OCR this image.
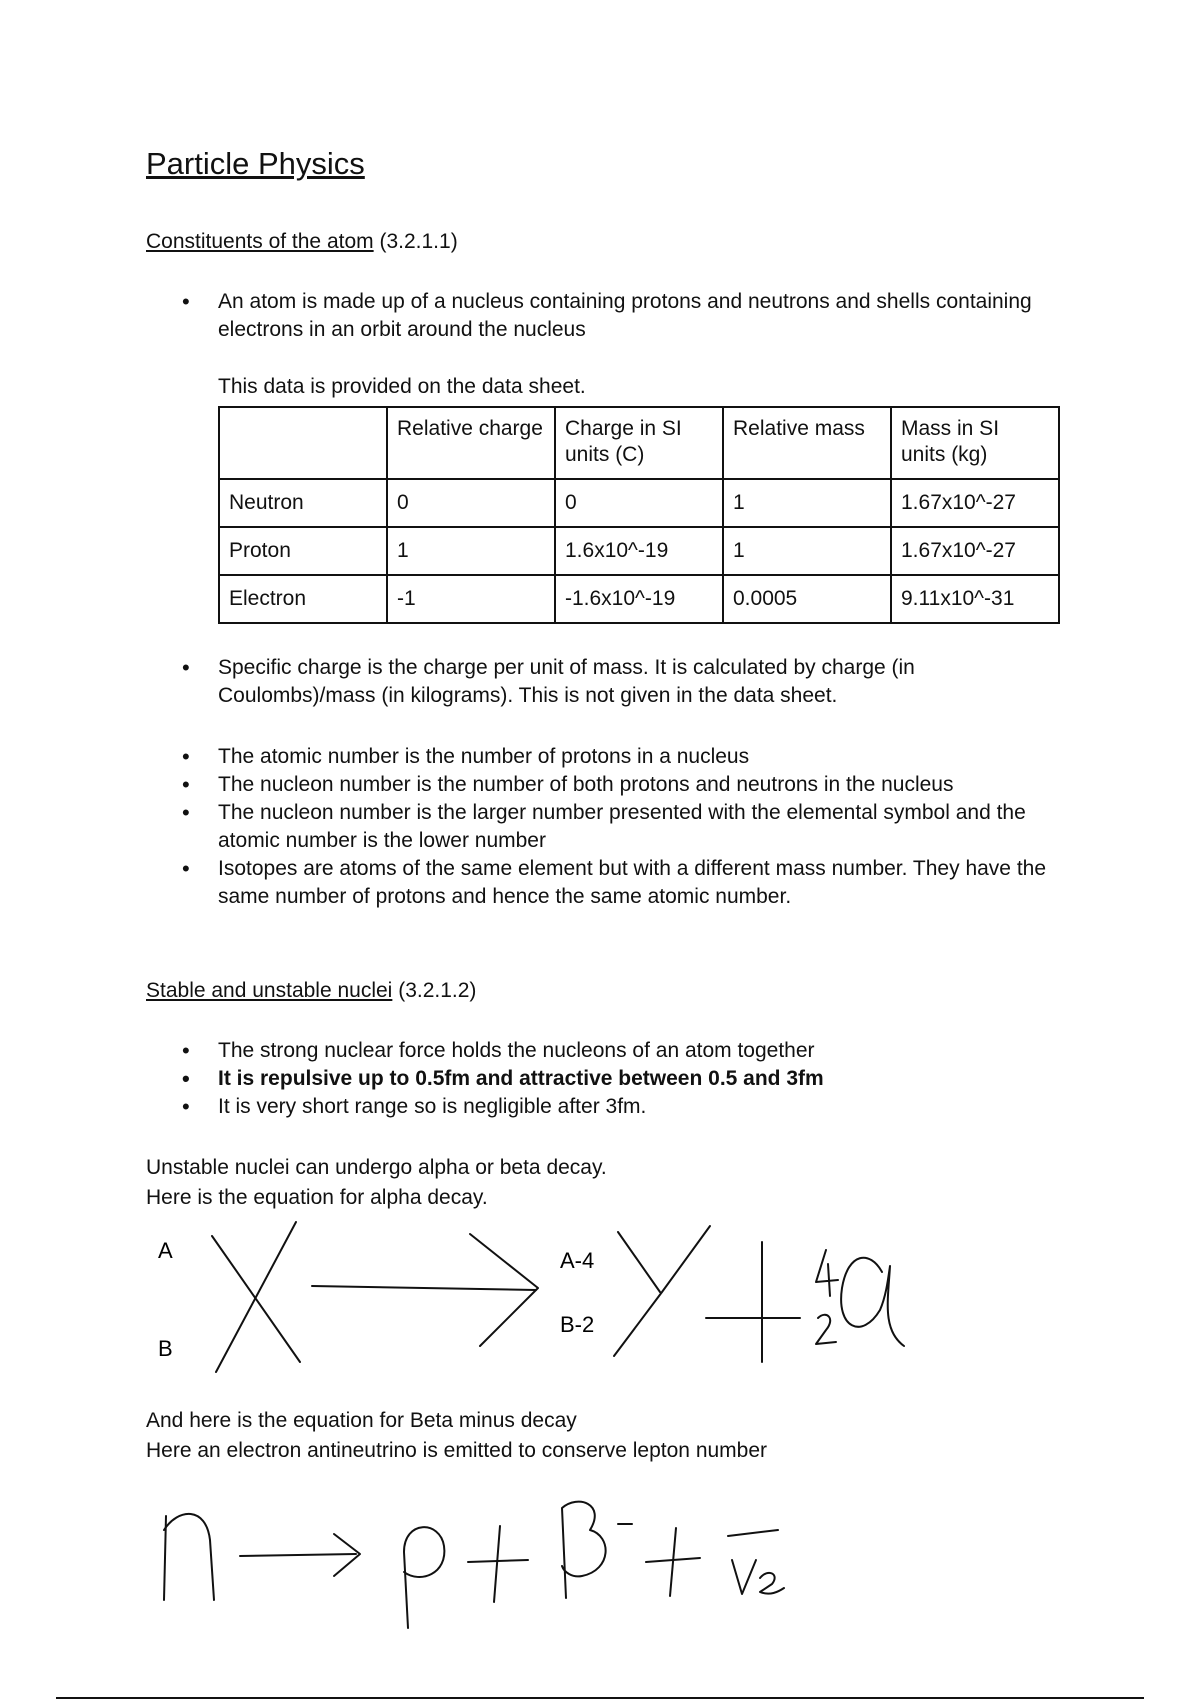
Particle Physics
Constituents of the atom (3.2.1.1)
• An atom is made up of a nucleus containing protons and neutrons and shells containing electrons in an orbit around the nucleus
This data is provided on the data sheet.
	Relative charge	Charge in SI units (C)	Relative mass	Mass in SI units (kg)
Neutron	0	0	1	1.67x10^-27
Proton	1	1.6x10^-19	1	1.67x10^-27
Electron	-1	-1.6x10^-19	0.0005	9.11x10^-31
• Specific charge is the charge per unit of mass. It is calculated by charge (in Coulombs)/mass (in kilograms). This is not given in the data sheet.
• The atomic number is the number of protons in a nucleus
• The nucleon number is the number of both protons and neutrons in the nucleus
• The nucleon number is the larger number presented with the elemental symbol and the atomic number is the lower number
• Isotopes are atoms of the same element but with a different mass number. They have the same number of protons and hence the same atomic number.
Stable and unstable nuclei (3.2.1.2)
• The strong nuclear force holds the nucleons of an atom together
• It is repulsive up to 0.5fm and attractive between 0.5 and 3fm
• It is very short range so is negligible after 3fm.
Unstable nuclei can undergo alpha or beta decay.
Here is the equation for alpha decay.
A
B
A-4
B-2
And here is the equation for Beta minus decay
Here an electron antineutrino is emitted to conserve lepton number
